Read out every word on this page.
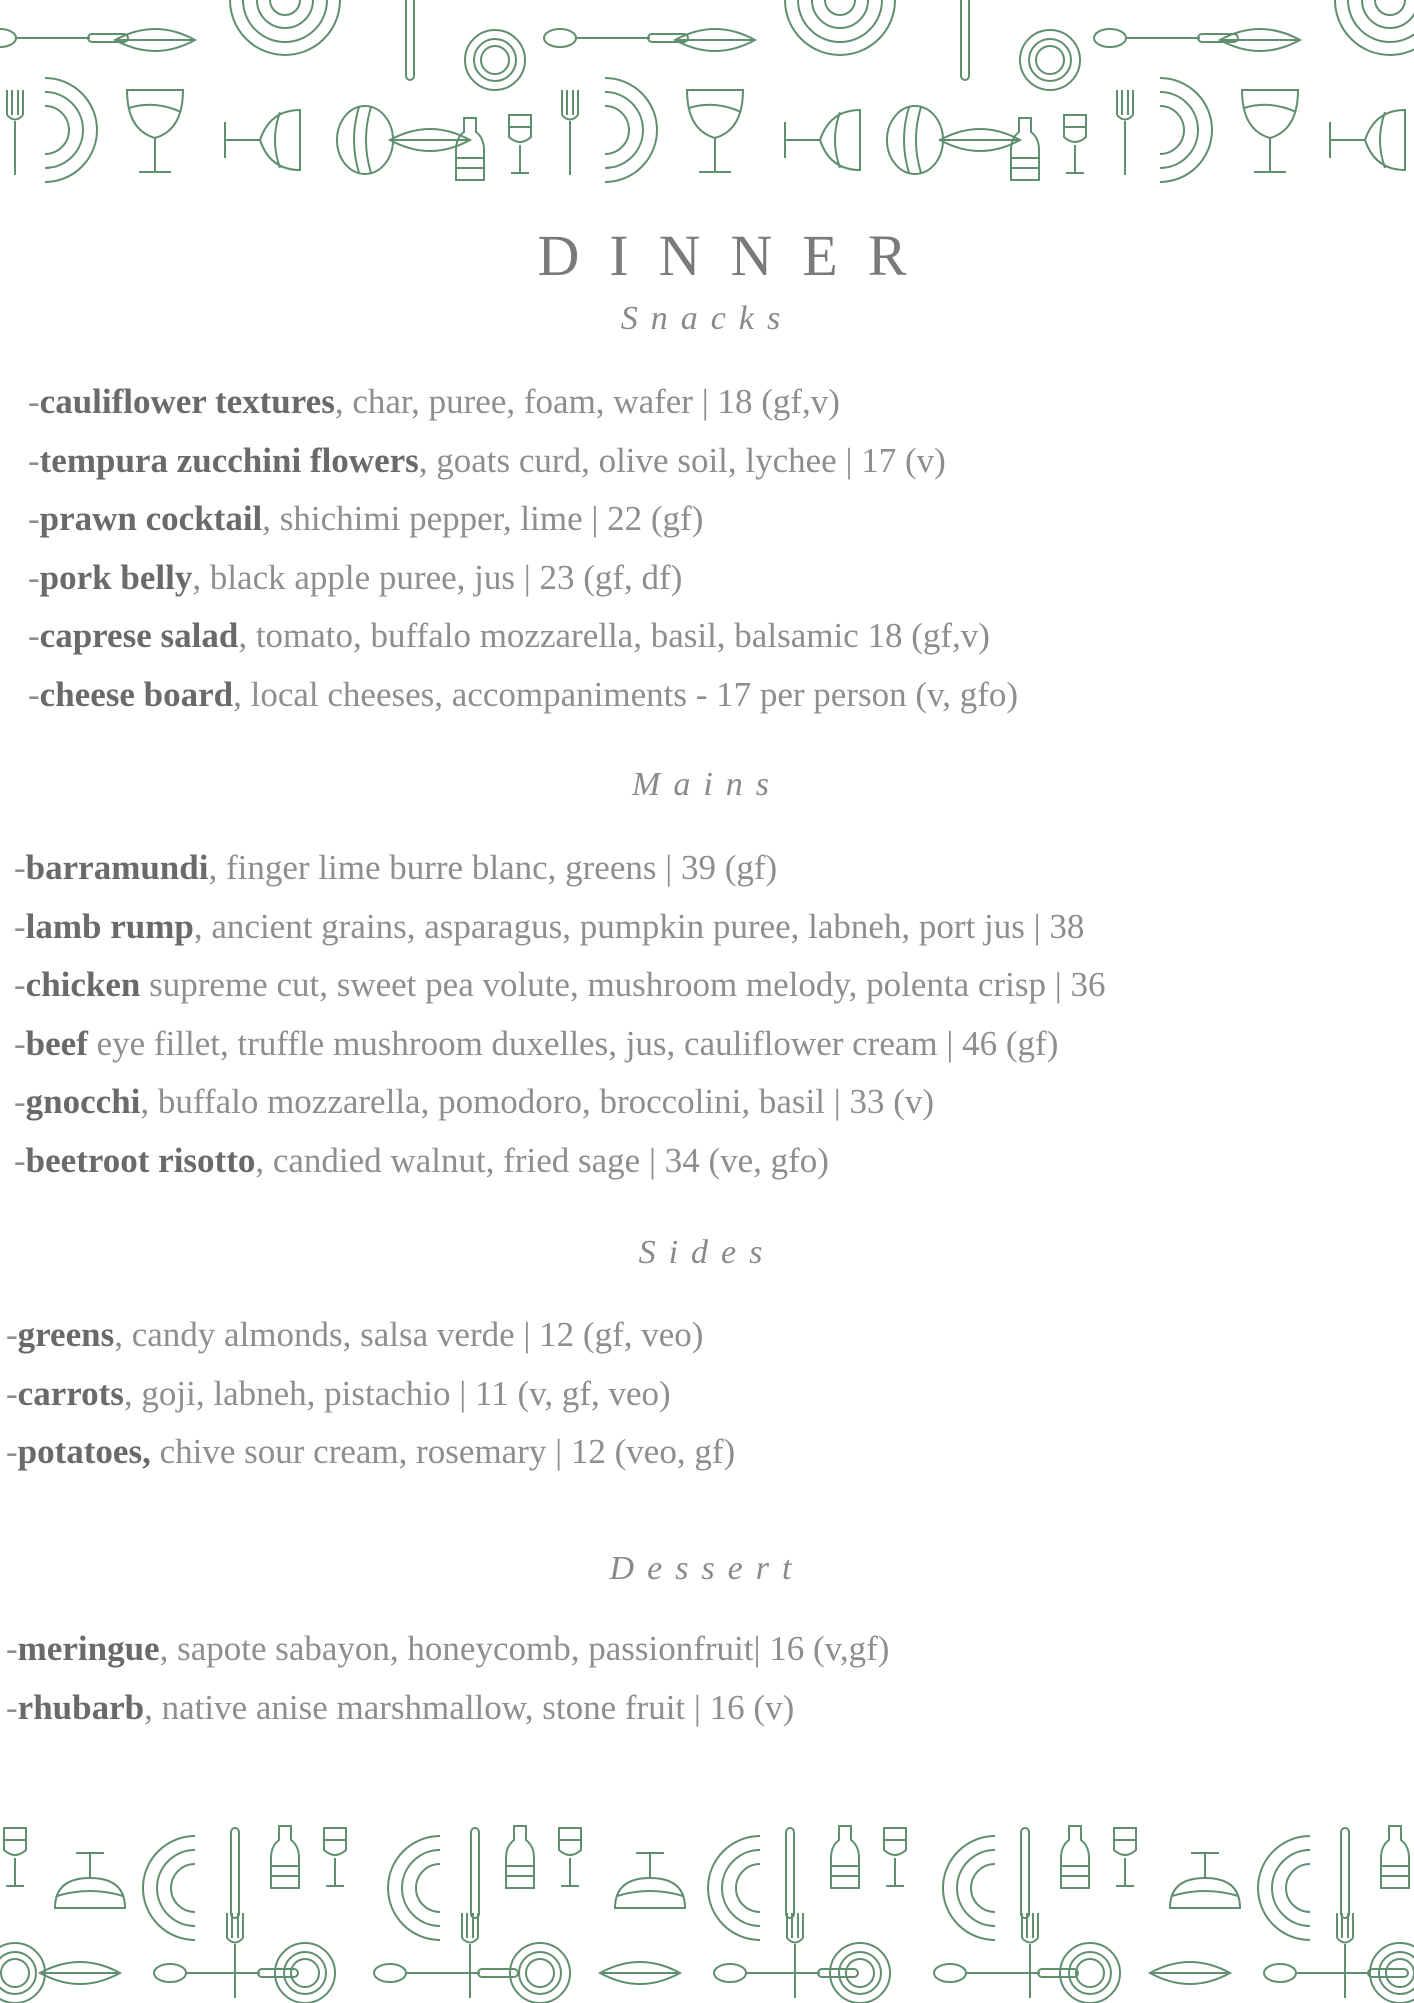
DINNER
Snacks
-cauliflower textures, char, puree, foam, wafer | 18 (gf,v)
-tempura zucchini flowers, goats curd, olive soil, lychee | 17 (v)
-prawn cocktail, shichimi pepper, lime | 22 (gf)
-pork belly, black apple puree, jus | 23 (gf, df)
-caprese salad, tomato, buffalo mozzarella, basil, balsamic 18 (gf,v)
-cheese board, local cheeses, accompaniments - 17 per person (v, gfo)
Mains
-barramundi, finger lime burre blanc, greens | 39 (gf)
-lamb rump, ancient grains, asparagus, pumpkin puree, labneh, port jus | 38
-chicken supreme cut, sweet pea volute, mushroom melody, polenta crisp | 36
-beef eye fillet, truffle mushroom duxelles, jus, cauliflower cream | 46 (gf)
-gnocchi, buffalo mozzarella, pomodoro, broccolini, basil | 33 (v)
-beetroot risotto, candied walnut, fried sage | 34 (ve, gfo)
Sides
-greens, candy almonds, salsa verde | 12 (gf, veo)
-carrots, goji, labneh, pistachio | 11 (v, gf, veo)
-potatoes, chive sour cream, rosemary | 12 (veo, gf)
Dessert
-meringue, sapote sabayon, honeycomb, passionfruit| 16 (v,gf)
-rhubarb, native anise marshmallow, stone fruit | 16 (v)
